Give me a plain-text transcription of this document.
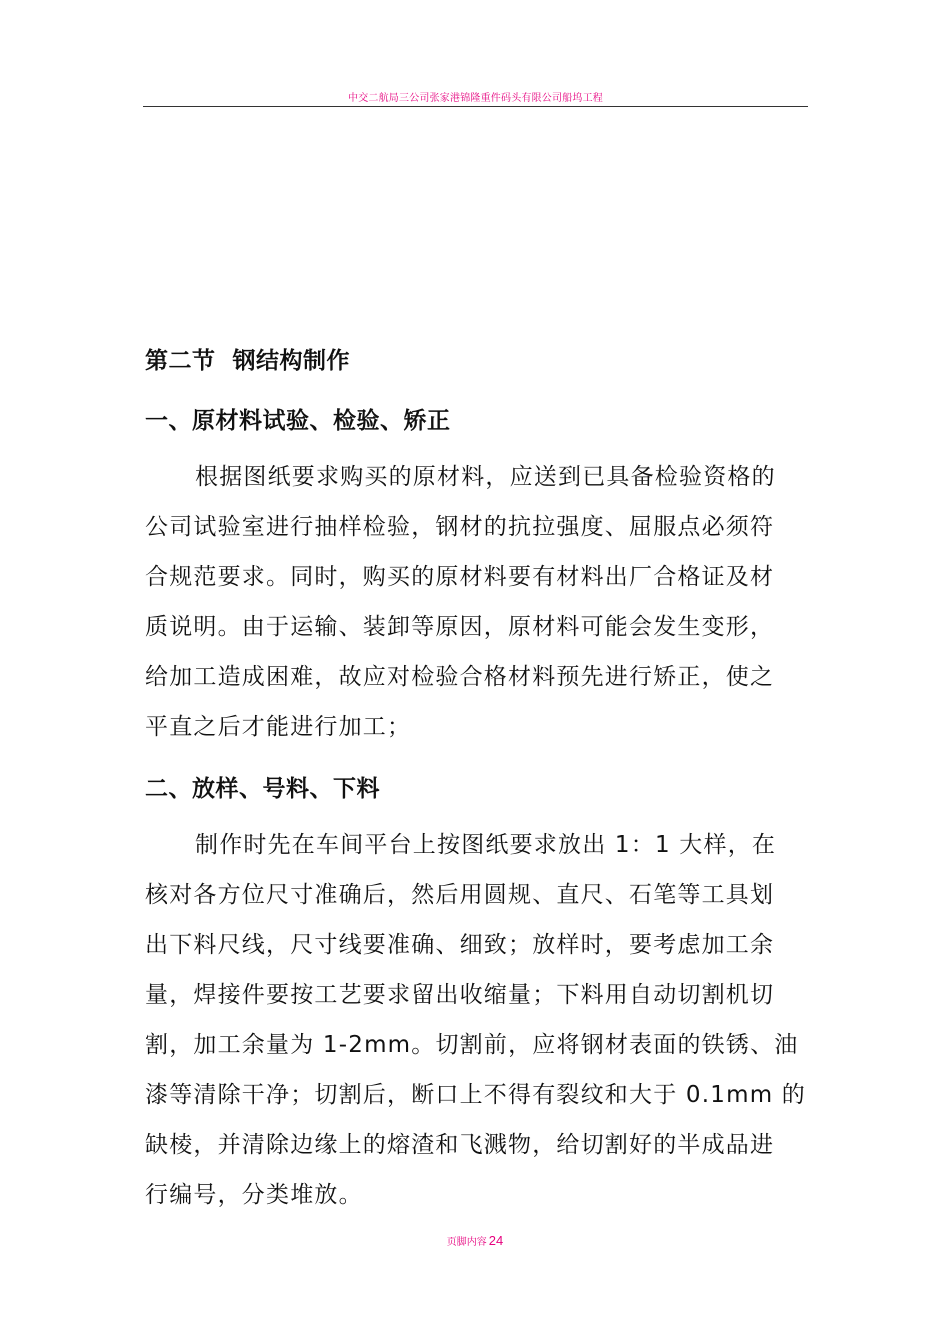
中交二航局三公司张家港锦隆重件码头有限公司船坞工程
第二节  钢结构制作
一、原材料试验、检验、矫正
根据图纸要求购买的原材料，应送到已具备检验资格的
公司试验室进行抽样检验，钢材的抗拉强度、屈服点必须符
合规范要求。同时，购买的原材料要有材料出厂合格证及材
质说明。由于运输、装卸等原因，原材料可能会发生变形，
给加工造成困难，故应对检验合格材料预先进行矫正，使之
平直之后才能进行加工；
二、放样、号料、下料
制作时先在车间平台上按图纸要求放出 1：1 大样，在
核对各方位尺寸准确后，然后用圆规、直尺、石笔等工具划
出下料尺线，尺寸线要准确、细致；放样时，要考虑加工余
量，焊接件要按工艺要求留出收缩量；下料用自动切割机切
割，加工余量为 1-2mm。切割前，应将钢材表面的铁锈、油
漆等清除干净；切割后，断口上不得有裂纹和大于 0.1mm 的
缺棱，并清除边缘上的熔渣和飞溅物，给切割好的半成品进
行编号，分类堆放。
页脚内容 24
